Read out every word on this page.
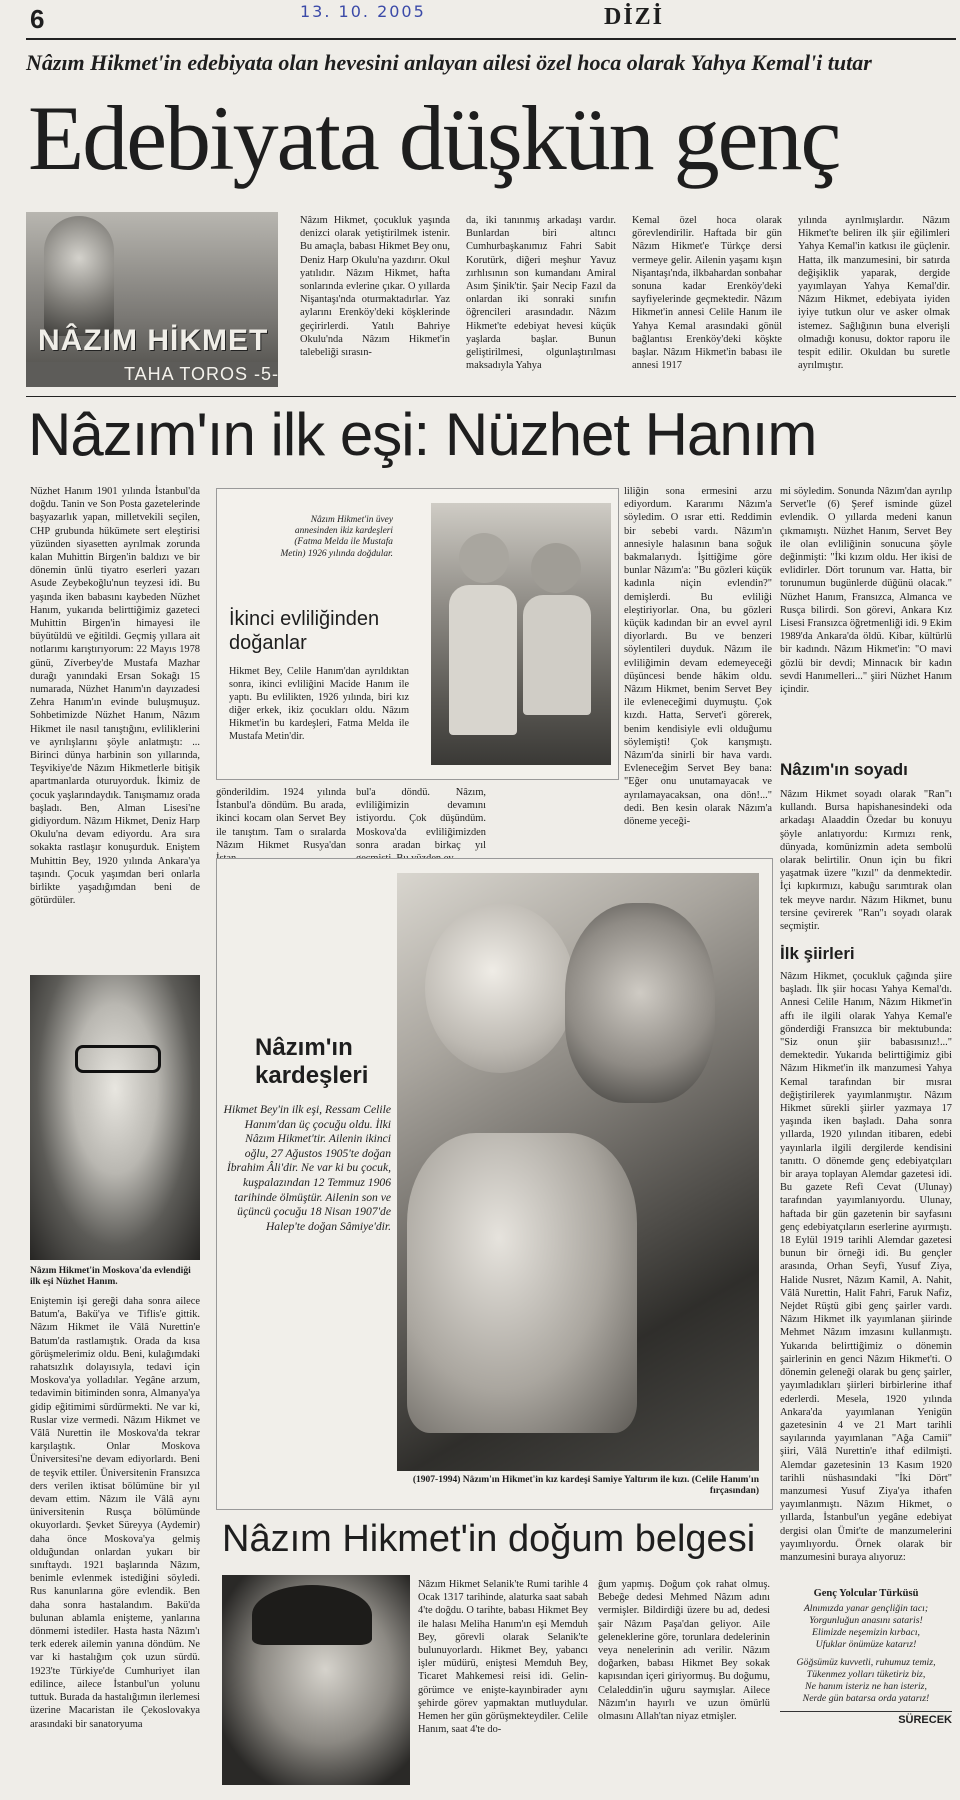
6	13. 10. 2005	DİZİ
Nâzım Hikmet'in edebiyata olan hevesini anlayan ailesi özel hoca olarak Yahya Kemal'i tutar
Edebiyata düşkün genç
NÂZIM HİKMET
TAHA TOROS -5-

Nâzım Hikmet, çocukluk yaşında denizci olarak yetiştirilmek istenir. Bu amaçla, babası Hikmet Bey onu, Deniz Harp Okulu'na yazdırır. Okul yatılıdır. Nâzım Hikmet, hafta sonlarında evlerine çıkar. O yıllarda Nişantaşı'nda oturmaktadırlar. Yaz aylarını Erenköy'deki köşklerinde geçirirlerdi. Yatılı Bahriye Okulu'nda Nâzım Hikmet'in talebeliği sırasın-

da, iki tanınmış arkadaşı vardır. Bunlardan biri altıncı Cumhurbaşkanımız Fahri Sabit Korutürk, diğeri meşhur Yavuz zırhlısının son kumandanı Amiral Asım Şinik'tir. Şair Necip Fazıl da onlardan iki sonraki sınıfın öğrencileri arasındadır. Nâzım Hikmet'te edebiyat hevesi küçük yaşlarda başlar. Bunun geliştirilmesi, olgunlaştırılması maksadıyla Yahya

Kemal özel hoca olarak görevlendirilir. Haftada bir gün Nâzım Hikmet'e Türkçe dersi vermeye gelir. Ailenin yaşamı kışın Nişantaşı'nda, ilkbahardan sonbahar sonuna kadar Erenköy'deki sayfiyelerinde geçmektedir. Nâzım Hikmet'in annesi Celile Hanım ile Yahya Kemal arasındaki gönül bağlantısı Erenköy'deki köşkte başlar. Nâzım Hikmet'in babası ile annesi 1917

yılında ayrılmışlardır. Nâzım Hikmet'te beliren ilk şiir eğilimleri Yahya Kemal'in katkısı ile güçlenir. Hatta, ilk manzumesini, bir satırda değişiklik yaparak, dergide yayımlayan Yahya Kemal'dir. Nâzım Hikmet, edebiyata iyiden iyiye tutkun olur ve asker olmak istemez. Sağlığının buna elverişli olmadığı konusu, doktor raporu ile tespit edilir. Okuldan bu suretle ayrılmıştır.

Nâzım'ın ilk eşi: Nüzhet Hanım

Nüzhet Hanım 1901 yılında İstanbul'da doğdu. Tanin ve Son Posta gazetelerinde başyazarlık yapan, milletvekili seçilen, CHP grubunda hükümete sert eleştirisi yüzünden siyasetten ayrılmak zorunda kalan Muhittin Birgen'in baldızı ve bir dönemin ünlü tiyatro eserleri yazarı Asude Zeybekoğlu'nun teyzesi idi. Bu yaşında iken babasını kaybeden Nüzhet Hanım, yukarıda belirttiğimiz gazeteci Muhittin Birgen'in himayesi ile büyütüldü ve eğitildi. Geçmiş yıllara ait notlarımı karıştırıyorum: 22 Mayıs 1978 günü, Zíverbey'de Mustafa Mazhar durağı yanındaki Ersan Sokağı 15 numarada, Nüzhet Hanım'ın dayızadesi Zehra Hanım'ın evinde buluşmuşuz. Sohbetimizde Nüzhet Hanım, Nâzım Hikmet ile nasıl tanıştığını, evliliklerini ve ayrılışlarını şöyle anlatmıştı: ... Birinci dünya harbinin son yıllarında, Teşvikiye'de Nâzım Hikmetlerle bitişik apartmanlarda oturuyorduk. İkimiz de çocuk yaşlarındaydık. Tanışmamız orada başladı. Ben, Alman Lisesi'ne gidiyordum. Nâzım Hikmet, Deniz Harp Okulu'na devam ediyordu. Ara sıra sokakta rastlaşır konuşurduk. Eniştem Muhittin Bey, 1920 yılında Ankara'ya taşındı. Çocuk yaşımdan beri onlarla birlikte yaşadığımdan beni de götürdüler.

Nâzım Hikmet'in Moskova'da evlendiği ilk eşi Nüzhet Hanım.

Eniştemin işi gereği daha sonra ailece Batum'a, Bakü'ya ve Tiflis'e gittik. Nâzım Hikmet ile Vâlâ Nurettin'e Batum'da rastlamıştık. Orada da kısa görüşmelerimiz oldu. Beni, kulağımdaki rahatsızlık dolayısıyla, tedavi için Moskova'ya yolladılar. Yegâne arzum, tedavimin bitiminden sonra, Almanya'ya gidip eğitimimi sürdürmekti. Ne var ki, Ruslar vize vermedi. Nâzım Hikmet ve Vâlâ Nurettin ile Moskova'da tekrar karşılaştık. Onlar Moskova Üniversitesi'ne devam ediyorlardı. Beni de teşvik ettiler. Üniversitenin Fransızca ders verilen iktisat bölümüne bir yıl devam ettim. Nâzım ile Vâlâ aynı üniversitenin Rusça bölümünde okuyorlardı. Şevket Süreyya (Aydemir) daha önce Moskova'ya gelmiş olduğundan onlardan yukarı bir sınıftaydı. 1921 başlarında Nâzım, benimle evlenmek istediğini söyledi. Rus kanunlarına göre evlendik. Ben daha sonra hastalandım. Bakü'da bulunan ablamla enişteme, yanlarına dönmemi istediler. Hasta hasta Nâzım'ı terk ederek ailemin yanına döndüm. Ne var ki hastalığım çok uzun sürdü. 1923'te Türkiye'de Cumhuriyet ilan edilince, ailece İstanbul'un yolunu tuttuk. Burada da hastalığımın ilerlemesi üzerine Macaristan ile Çekoslovakya arasındaki bir sanatoryuma

Nâzım Hikmet'in üvey annesinden ikiz kardeşleri (Fatma Melda ile Mustafa Metin) 1926 yılında doğdular.
İkinci evliliğinden doğanlar

Hikmet Bey, Celile Hanım'dan ayrıldıktan sonra, ikinci evliliğini Macide Hanım ile yaptı. Bu evlilikten, 1926 yılında, biri kız diğer erkek, ikiz çocukları oldu. Nâzım Hikmet'in bu kardeşleri, Fatma Melda ile Mustafa Metin'dir.

gönderildim. 1924 yılında İstanbul'a döndüm. Bu arada, ikinci kocam olan Servet Bey ile tanıştım. Tam o sıralarda Nâzım Hikmet Rusya'dan

bul'a döndü. Nâzım, evliliğimizin devamını istiyordu. Çok düşündüm. Moskova'da evliliğimizden sonra aradan birkaç yıl

liliğin sona ermesini arzu ediyordum. Kararımı Nâzım'a söyledim. O ısrar etti. Reddimin bir sebebi vardı. Nâzım'ın annesiyle halasının bana soğuk bakmalarıydı. İşittiğime göre bunlar Nâzım'a: "Bu gözleri küçük kadınla niçin evlendin?" demişlerdi. Bu evliliği eleştiriyorlar. Ona, bu gözleri küçük kadından bir an evvel ayrıl diyorlardı. Bu ve benzeri söylentileri duyduk. Nâzım ile evliliğimin devam edemeyeceği düşüncesi bende hâkim oldu. Nâzım Hikmet, benim Servet Bey ile evleneceğimi duymuştu. Çok kızdı. Hatta, Servet'i görerek, benim kendisiyle evli olduğumu söylemişti! Çok karışmıştı. Nâzım'da sinirli bir hava vardı. Evleneceğim Servet Bey bana: "Eğer onu unutamayacak ve ayrılamayacaksan, ona dön!..." dedi. Ben kesin olarak Nâzım'a döneme yeceği-

mi söyledim. Sonunda Nâzım'dan ayrılıp Servet'le (6) Şeref isminde güzel evlendik. O yıllarda medeni kanun çıkmamıştı. Nüzhet Hanım, Servet Bey ile olan evliliğinin sonucuna şöyle değinmişti: "İki kızım oldu. Her ikisi de evlidirler. Dört torunum var. Hatta, bir torunumun bugünlerde düğünü olacak." Nüzhet Hanım, Fransızca, Almanca ve Rusça bilirdi. Son görevi, Ankara Kız Lisesi Fransızca öğretmenliği idi. 9 Ekim 1989'da Ankara'da öldü. Kibar, kültürlü bir kadındı. Nâzım Hikmet'in: "O mavi gözlü bir devdi; Minnacık bir kadın sevdi Hanımelleri..." şiiri Nüzhet Hanım içindir.

Nâzım'ın soyadı

Nâzım Hikmet soyadı olarak "Ran"ı kullandı. Bursa hapishanesindeki oda arkadaşı Alaaddin Özedar bu konuyu şöyle anlatıyordu: Kırmızı renk, dünyada, komünizmin adeta sembolü olarak belirtilir. Onun için bu fikri yaşatmak üzere "kızıl" da denmektedir. İçi kıpkırmızı, kabuğu sarımtırak olan tek meyve nardır. Nâzım Hikmet, bunu tersine çevirerek "Ran"ı soyadı olarak seçmiştir.

İlk şiirleri

Nâzım Hikmet, çocukluk çağında şiire başladı. İlk şiir hocası Yahya Kemal'dı. Annesi Celile Hanım, Nâzım Hikmet'in affı ile ilgili olarak Yahya Kemal'e gönderdiği Fransızca bir mektubunda: "Siz onun şiir babasısınız!..." demektedir. Yukarıda belirttiğimiz gibi Nâzım Hikmet'in ilk manzumesi Yahya Kemal tarafından bir mısraı değiştirilerek yayımlanmıştır. Nâzım Hikmet sürekli şiirler yazmaya 17 yaşında iken başladı. Daha sonra yıllarda, 1920 yılından itibaren, edebi yayınlarla ilgili dergilerde kendisini tanıttı. O dönemde genç edebiyatçıları bir araya toplayan Alemdar gazetesi idi. Bu gazete Refi Cevat (Ulunay) tarafından yayımlanıyordu. Ulunay, haftada bir gün gazetenin bir sayfasını genç edebiyatçıların eserlerine ayırmıştı. 18 Eylül 1919 tarihli Alemdar gazetesi bunun bir örneği idi. Bu gençler arasında, Orhan Seyfi, Yusuf Ziya, Halide Nusret, Nâzım Kamil, A. Nahit, Vâlâ Nurettin, Halit Fahri, Faruk Nafiz, Nejdet Rüştü gibi genç şairler vardı. Nâzım Hikmet ilk yayımlanan şiirinde Mehmet Nâzım imzasını kullanmıştı. Yukarıda belirttiğimiz o dönemin şairlerinin en genci Nâzım Hikmet'ti. O dönemin geleneği olarak bu genç şairler, yayımladıkları şiirleri birbirlerine ithaf ederlerdi. Mesela, 1920 yılında Ankara'da yayımlanan Yenigün gazetesinin 4 ve 21 Mart tarihli sayılarında yayımlanan "Ağa Camii" şiiri, Vâlâ Nurettin'e ithaf edilmişti. Alemdar gazetesinin 13 Kasım 1920 tarihli nüshasındaki "İki Dört" manzumesi Yusuf Ziya'ya ithafen yayımlanmıştı. Nâzım Hikmet, o yıllarda, İstanbul'un yegâne edebiyat dergisi olan Ümit'te de manzumelerini yayımlıyordu. Örnek olarak bir manzumesini buraya alıyoruz:

Genç Yolcular Türküsü
Alnımızda yanar gençliğin tacı;
Yorgunluğun anasını sataris!
Elimizde neşemizin kırbacı,
Ufuklar önümüze katarız!
Göğsümüz kuvvetli, ruhumuz temiz,
Tükenmez yolları tüketiriz biz,
Ne hanım isteriz ne han isteriz,
Nerde gün batarsa orda yatarız!
SÜRECEK
Nâzım'ın kardeşleri
Hikmet Bey'in ilk eşi, Ressam Celile Hanım'dan üç çocuğu oldu. İlki Nâzım Hikmet'tir. Ailenin ikinci oğlu, 27 Ağustos 1905'te doğan İbrahim Âli'dir. Ne var ki bu çocuk, kuşpalazından 12 Temmuz 1906 tarihinde ölmüştür. Ailenin son ve üçüncü çocuğu 18 Nisan 1907'de Halep'te doğan Sâmiye'dir.
(1907-1994) Nâzım'ın Hikmet'in kız kardeşi Samiye Yaltırım ile kızı. (Celile Hanım'ın fırçasından)
Nâzım Hikmet'in doğum belgesi

Nâzım Hikmet Selanik'te Rumi tarihle 4 Ocak 1317 tarihinde, alaturka saat sabah 4'te doğdu. O tarihte, babası Hikmet Bey ile halası Meliha Hanım'ın eşi Memduh Bey, görevli olarak Selanik'te bulunuyorlardı. Hikmet Bey, yabancı işler müdürü, eniştesi Memduh Bey, Ticaret Mahkemesi reisi idi. Gelin-görümce ve enişte-kayınbirader aynı şehirde görev yapmaktan mutluydular. Hemen her gün görüşmekteydiler. Celile Hanım, saat 4'te do-

ğum yapmış. Doğum çok rahat olmuş. Bebeğe dedesi Mehmed Nâzım adını vermişler. Bildirdiği üzere bu ad, dedesi şair Nâzım Paşa'dan geliyor. Aile geleneklerine göre, torunlara dedelerinin veya nenelerinin adı verilir. Nâzım doğarken, babası Hikmet Bey sokak kapısından içeri giriyormuş. Bu doğumu, Celaleddin'in uğuru saymışlar. Ailece Nâzım'ın hayırlı ve uzun ömürlü olmasını Allah'tan niyaz etmişler.
